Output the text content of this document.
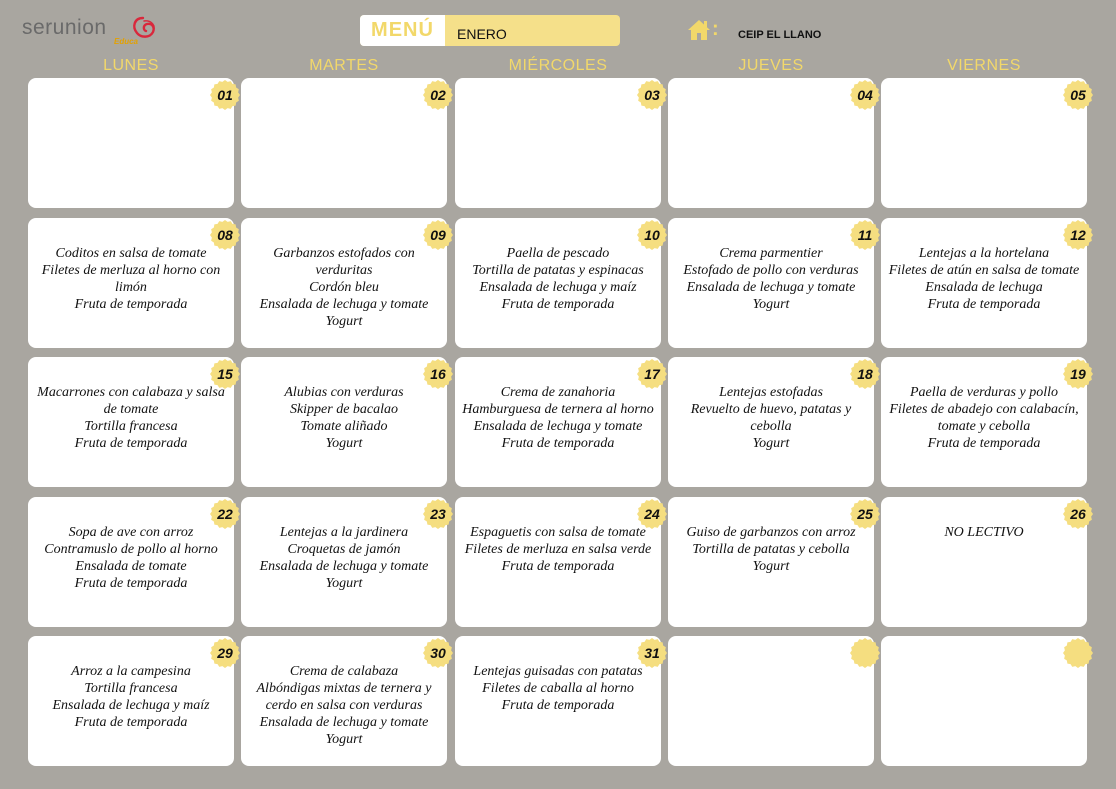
serunion
Educa
MENÚ	ENERO	: CEIP EL LLANO
LUNES	MARTES	MIÉRCOLES	JUEVES	VIERNES
01	02	03	04	05
08
Coditos en salsa de tomate
Filetes de merluza al horno con limón
Fruta de temporada
09
Garbanzos estofados con verduritas
Cordón bleu
Ensalada de lechuga y tomate
Yogurt
10
Paella de pescado
Tortilla de patatas y espinacas
Ensalada de lechuga y maíz
Fruta de temporada
11
Crema parmentier
Estofado de pollo con verduras
Ensalada de lechuga y tomate
Yogurt
12
Lentejas a la hortelana
Filetes de atún en salsa de tomate
Ensalada de lechuga
Fruta de temporada
15
Macarrones con calabaza y salsa de tomate
Tortilla francesa
Fruta de temporada
16
Alubias con verduras
Skipper de bacalao
Tomate aliñado
Yogurt
17
Crema de zanahoria
Hamburguesa de ternera al horno
Ensalada de lechuga y tomate
Fruta de temporada
18
Lentejas estofadas
Revuelto de huevo, patatas y cebolla
Yogurt
19
Paella de verduras y pollo
Filetes de abadejo con calabacín, tomate y cebolla
Fruta de temporada
22
Sopa de ave con arroz
Contramuslo de pollo al horno
Ensalada de tomate
Fruta de temporada
23
Lentejas a la jardinera
Croquetas de jamón
Ensalada de lechuga y tomate
Yogurt
24
Espaguetis con salsa de tomate
Filetes de merluza en salsa verde
Fruta de temporada
25
Guiso de garbanzos con arroz
Tortilla de patatas y cebolla
Yogurt
26
NO LECTIVO
29
Arroz a la campesina
Tortilla francesa
Ensalada de lechuga y maíz
Fruta de temporada
30
Crema de calabaza
Albóndigas mixtas de ternera y cerdo en salsa con verduras
Ensalada de lechuga y tomate
Yogurt
31
Lentejas guisadas con patatas
Filetes de caballa al horno
Fruta de temporada
